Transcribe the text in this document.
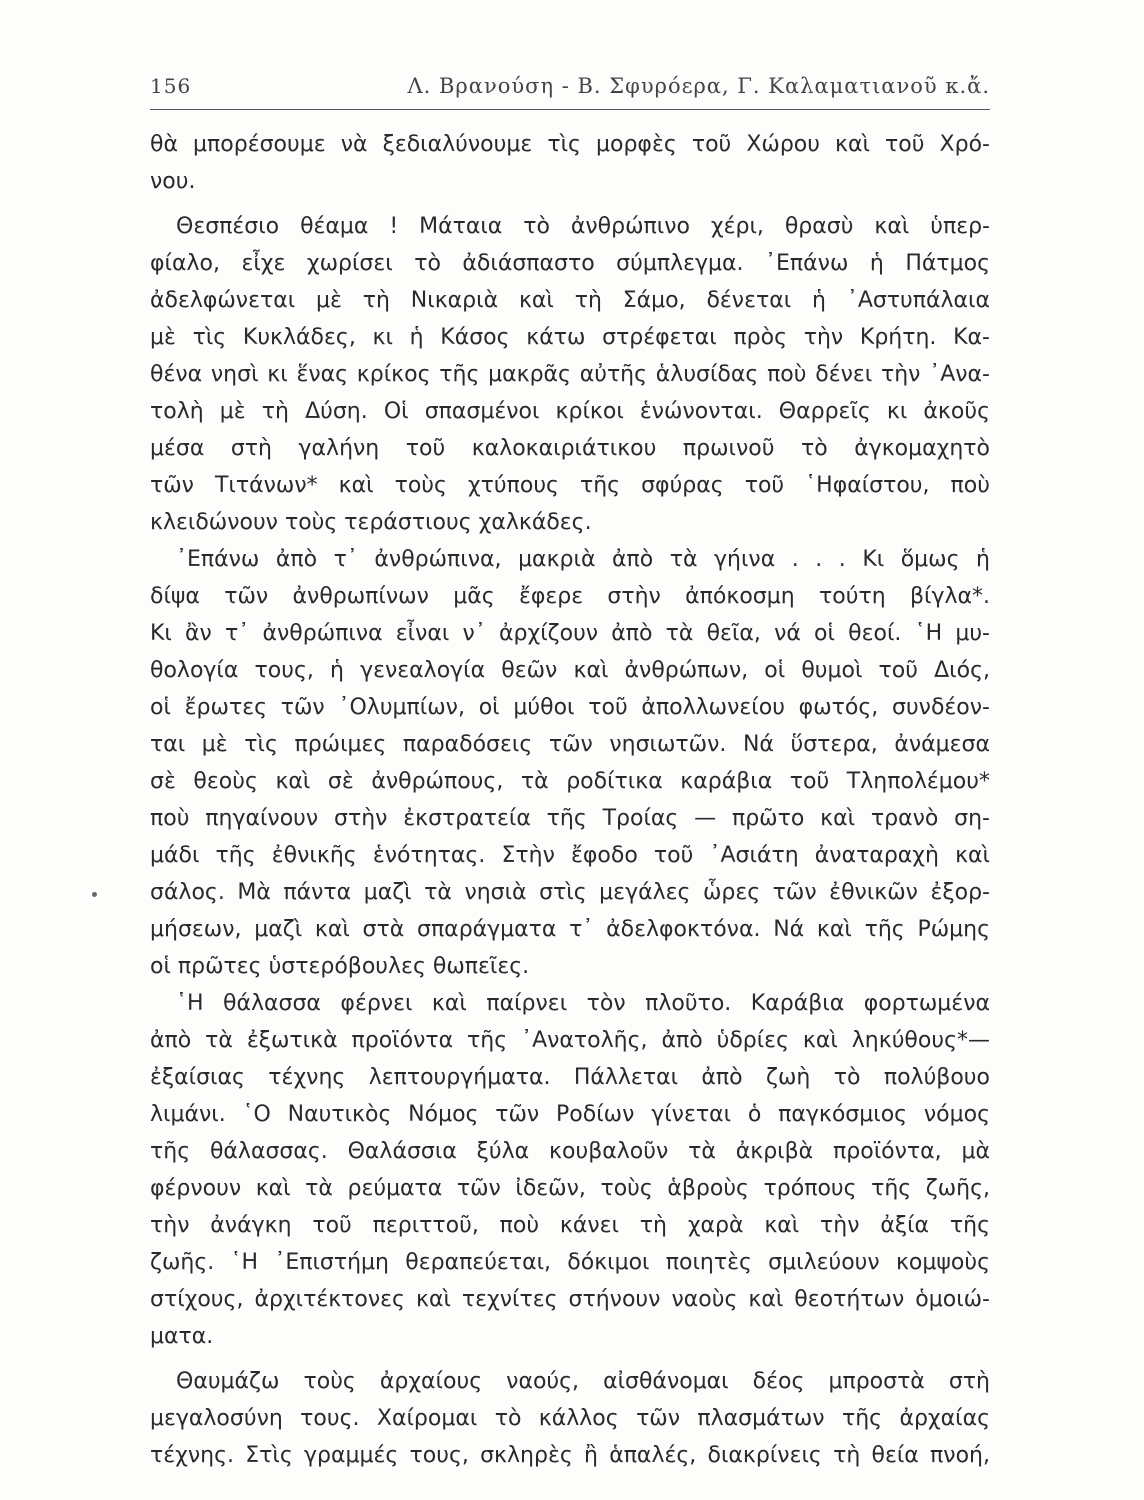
156	Λ. Βρανούση - Β. Σφυρόερα, Γ. Καλαματιανοῦ κ.ἄ.
θὰ μπορέσουμε νὰ ξεδιαλύνουμε τὶς μορφὲς τοῦ Χώρου καὶ τοῦ Χρό-
νου.
Θεσπέσιο θέαμα ! Μάταια τὸ ἀνθρώπινο χέρι, θρασὺ καὶ ὑπερ-
φίαλο, εἶχε χωρίσει τὸ ἀδιάσπαστο σύμπλεγμα. ᾿Επάνω ἡ Πάτμος
ἀδελφώνεται μὲ τὴ Νικαριὰ καὶ τὴ Σάμο, δένεται ἡ ᾿Αστυπάλαια
μὲ τὶς Κυκλάδες, κι ἡ Κάσος κάτω στρέφεται πρὸς τὴν Κρήτη. Κα-
θένα νησὶ κι ἕνας κρίκος τῆς μακρᾶς αὐτῆς ἁλυσίδας ποὺ δένει τὴν ᾿Ανα-
τολὴ μὲ τὴ Δύση. Οἱ σπασμένοι κρίκοι ἑνώνονται. Θαρρεῖς κι ἀκοῦς
μέσα στὴ γαλήνη τοῦ καλοκαιριάτικου πρωινοῦ τὸ ἀγκομαχητὸ
τῶν Τιτάνων* καὶ τοὺς χτύπους τῆς σφύρας τοῦ ῾Ηφαίστου, ποὺ
κλειδώνουν τοὺς τεράστιους χαλκάδες.
᾿Επάνω ἀπὸ τ᾿ ἀνθρώπινα, μακριὰ ἀπὸ τὰ γήινα . . . Κι ὅμως ἡ
δίψα τῶν ἀνθρωπίνων μᾶς ἔφερε στὴν ἀπόκοσμη τούτη βίγλα*.
Κι ἂν τ᾿ ἀνθρώπινα εἶναι ν᾿ ἀρχίζουν ἀπὸ τὰ θεῖα, νά οἱ θεοί. ῾Η μυ-
θολογία τους, ἡ γενεαλογία θεῶν καὶ ἀνθρώπων, οἱ θυμοὶ τοῦ Διός,
οἱ ἔρωτες τῶν ᾿Ολυμπίων, οἱ μύθοι τοῦ ἀπολλωνείου φωτός, συνδέον-
ται μὲ τὶς πρώιμες παραδόσεις τῶν νησιωτῶν. Νά ὕστερα, ἀνάμεσα
σὲ θεοὺς καὶ σὲ ἀνθρώπους, τὰ ροδίτικα καράβια τοῦ Τληπολέμου*
ποὺ πηγαίνουν στὴν ἐκστρατεία τῆς Τροίας — πρῶτο καὶ τρανὸ ση-
μάδι τῆς ἐθνικῆς ἑνότητας. Στὴν ἔφοδο τοῦ ᾿Ασιάτη ἀναταραχὴ καὶ
σάλος. Μὰ πάντα μαζὶ τὰ νησιὰ στὶς μεγάλες ὧρες τῶν ἐθνικῶν ἐξορ-
μήσεων, μαζὶ καὶ στὰ σπαράγματα τ᾿ ἀδελφοκτόνα. Νά καὶ τῆς Ρώμης
οἱ πρῶτες ὑστερόβουλες θωπεῖες.
῾Η θάλασσα φέρνει καὶ παίρνει τὸν πλοῦτο. Καράβια φορτωμένα
ἀπὸ τὰ ἐξωτικὰ προϊόντα τῆς ᾿Ανατολῆς, ἀπὸ ὑδρίες καὶ ληκύθους*—
ἐξαίσιας τέχνης λεπτουργήματα. Πάλλεται ἀπὸ ζωὴ τὸ πολύβουο
λιμάνι. ῾Ο Ναυτικὸς Νόμος τῶν Ροδίων γίνεται ὁ παγκόσμιος νόμος
τῆς θάλασσας. Θαλάσσια ξύλα κουβαλοῦν τὰ ἀκριβὰ προϊόντα, μὰ
φέρνουν καὶ τὰ ρεύματα τῶν ἰδεῶν, τοὺς ἁβροὺς τρόπους τῆς ζωῆς,
τὴν ἀνάγκη τοῦ περιττοῦ, ποὺ κάνει τὴ χαρὰ καὶ τὴν ἀξία τῆς
ζωῆς. ῾Η ᾿Επιστήμη θεραπεύεται, δόκιμοι ποιητὲς σμιλεύουν κομψοὺς
στίχους, ἀρχιτέκτονες καὶ τεχνίτες στήνουν ναοὺς καὶ θεοτήτων ὁμοιώ-
ματα.
Θαυμάζω τοὺς ἀρχαίους ναούς, αἰσθάνομαι δέος μπροστὰ στὴ
μεγαλοσύνη τους. Χαίρομαι τὸ κάλλος τῶν πλασμάτων τῆς ἀρχαίας
τέχνης. Στὶς γραμμές τους, σκληρὲς ἢ ἁπαλές, διακρίνεις τὴ θεία πνοή,
